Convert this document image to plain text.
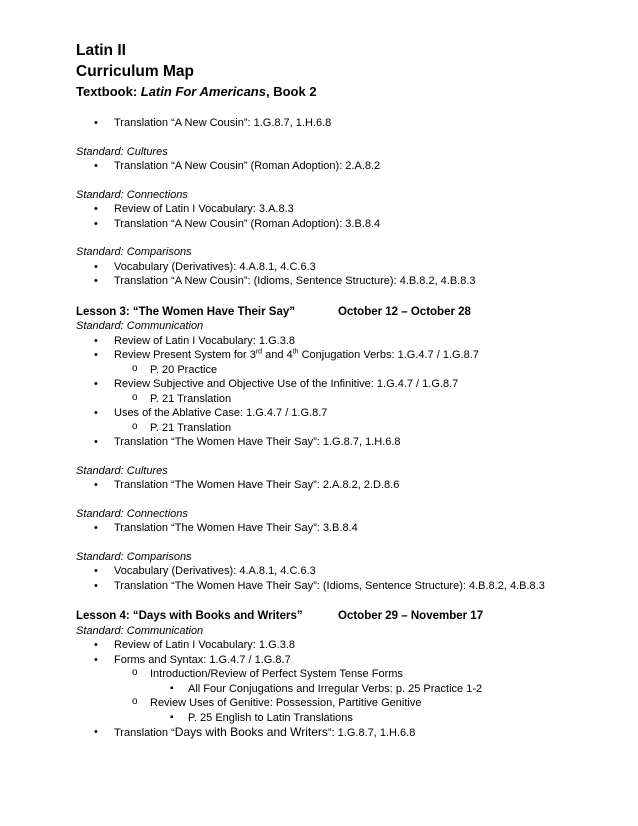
Latin II
Curriculum Map
Textbook: Latin For Americans, Book 2
• Translation “A New Cousin”: 1.G.8.7, 1.H.6.8
Standard: Cultures
• Translation “A New Cousin” (Roman Adoption): 2.A.8.2
Standard: Connections
• Review of Latin I Vocabulary: 3.A.8.3
• Translation “A New Cousin” (Roman Adoption): 3.B.8.4
Standard: Comparisons
• Vocabulary (Derivatives): 4.A.8.1, 4.C.6.3
• Translation “A New Cousin”: (Idioms, Sentence Structure): 4.B.8.2, 4.B.8.3
Lesson 3: “The Women Have Their Say”	October 12 – October 28
Standard: Communication
• Review of Latin I Vocabulary: 1.G.3.8
• Review Present System for 3rd and 4th Conjugation Verbs: 1.G.4.7 / 1.G.8.7
o P. 20 Practice
• Review Subjective and Objective Use of the Infinitive: 1.G.4.7 / 1.G.8.7
o P. 21 Translation
• Uses of the Ablative Case: 1.G.4.7 / 1.G.8.7
o P. 21 Translation
• Translation “The Women Have Their Say”: 1.G.8.7, 1.H.6.8
Standard: Cultures
• Translation “The Women Have Their Say”: 2.A.8.2, 2.D.8.6
Standard: Connections
• Translation “The Women Have Their Say”: 3.B.8.4
Standard: Comparisons
• Vocabulary (Derivatives): 4.A.8.1, 4.C.6.3
• Translation “The Women Have Their Say”: (Idioms, Sentence Structure): 4.B.8.2, 4.B.8.3
Lesson 4: “Days with Books and Writers”	October 29 – November 17
Standard: Communication
• Review of Latin I Vocabulary: 1.G.3.8
• Forms and Syntax: 1.G.4.7 / 1.G.8.7
o Introduction/Review of Perfect System Tense Forms
▪ All Four Conjugations and Irregular Verbs: p. 25 Practice 1-2
o Review Uses of Genitive: Possession, Partitive Genitive
▪ P. 25 English to Latin Translations
• Translation “Days with Books and Writers”: 1.G.8.7, 1.H.6.8
